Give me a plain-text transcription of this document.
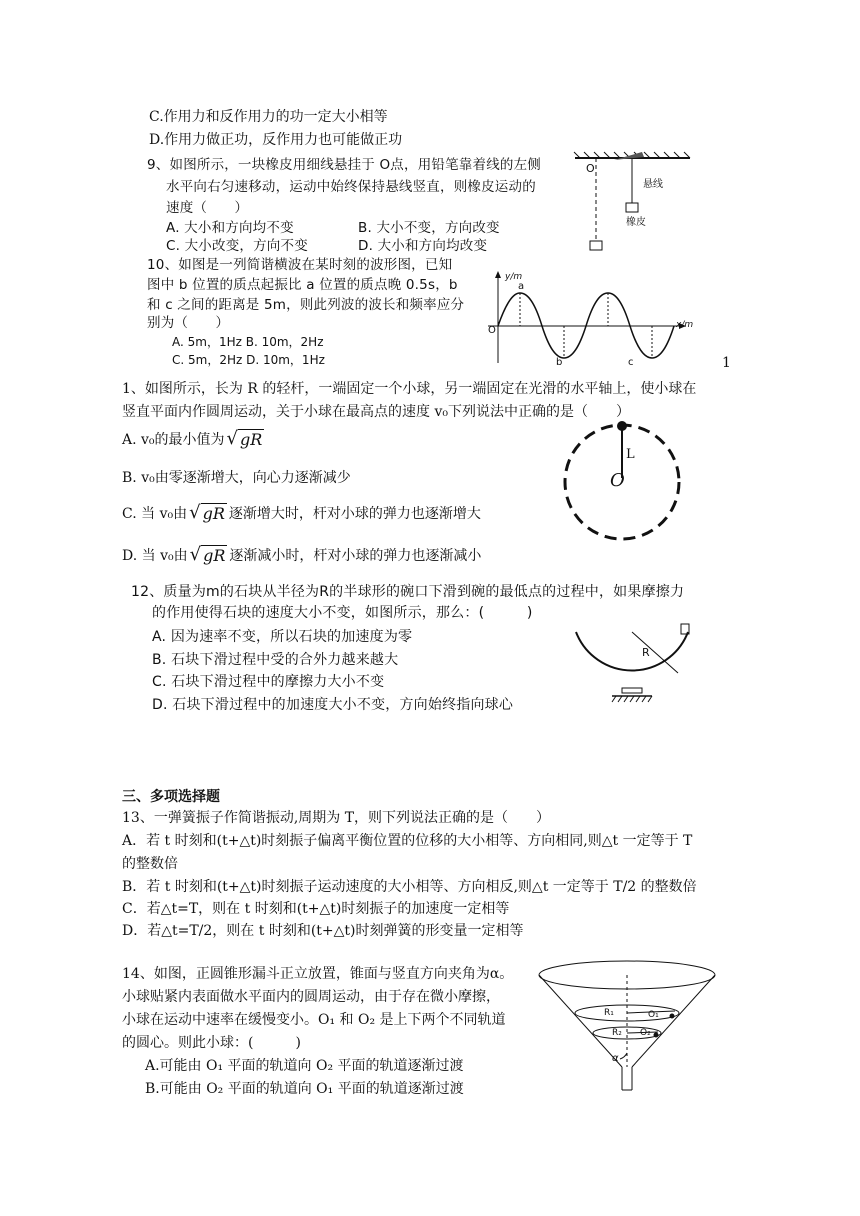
C.作用力和反作用力的功一定大小相等
D.作用力做正功，反作用力也可能做正功
9、如图所示，一块橡皮用细线悬挂于 O点，用铅笔靠着线的左侧
水平向右匀速移动，运动中始终保持悬线竖直，则橡皮运动的
速度（　　）
A. 大小和方向均不变	B. 大小不变，方向改变
C. 大小改变，方向不变	D. 大小和方向均改变
O
悬线
橡皮
10、如图是一列简谐横波在某时刻的波形图，已知
图中 b 位置的质点起振比 a 位置的质点晚 0.5s，b
和 c 之间的距离是 5m，则此列波的波长和频率应分
别为（　　）
A. 5m，1Hz B. 10m，2Hz
C. 5m，2Hz D. 10m，1Hz
y/m
x/m
O
a
b	c	1
1、如图所示，长为 R 的轻杆，一端固定一个小球，另一端固定在光滑的水平轴上，使小球在
竖直平面内作圆周运动，关于小球在最高点的速度 v₀下列说法中正确的是（　　）
A. v₀的最小值为 √ gR
B. v₀由零逐渐增大，向心力逐渐减少
C. 当 v₀由 √ gR 逐渐增大时，杆对小球的弹力也逐渐增大
D. 当 v₀由 √ gR 逐渐减小时，杆对小球的弹力也逐渐减小
L
O
12、质量为m的石块从半径为R的半球形的碗口下滑到碗的最低点的过程中，如果摩擦力
的作用使得石块的速度大小不变，如图所示，那么：(　　　)
A. 因为速率不变，所以石块的加速度为零
B. 石块下滑过程中受的合外力越来越大
C. 石块下滑过程中的摩擦力大小不变
D. 石块下滑过程中的加速度大小不变，方向始终指向球心
R
三、多项选择题
13、一弹簧振子作简谐振动,周期为 T，则下列说法正确的是（　　）
A．若 t 时刻和(t+△t)时刻振子偏离平衡位置的位移的大小相等、方向相同,则△t 一定等于 T
的整数倍
B．若 t 时刻和(t+△t)时刻振子运动速度的大小相等、方向相反,则△t 一定等于 T/2 的整数倍
C．若△t=T，则在 t 时刻和(t+△t)时刻振子的加速度一定相等
D．若△t=T/2，则在 t 时刻和(t+△t)时刻弹簧的形变量一定相等
14、如图，正圆锥形漏斗正立放置，锥面与竖直方向夹角为α。
小球贴紧内表面做水平面内的圆周运动，由于存在微小摩擦，
小球在运动中速率在缓慢变小。O₁ 和 O₂ 是上下两个不同轨道
的圆心。则此小球：(　　　)
A.可能由 O₁ 平面的轨道向 O₂ 平面的轨道逐渐过渡
B.可能由 O₂ 平面的轨道向 O₁ 平面的轨道逐渐过渡
R₁	O₁
R₂ O₂
α
